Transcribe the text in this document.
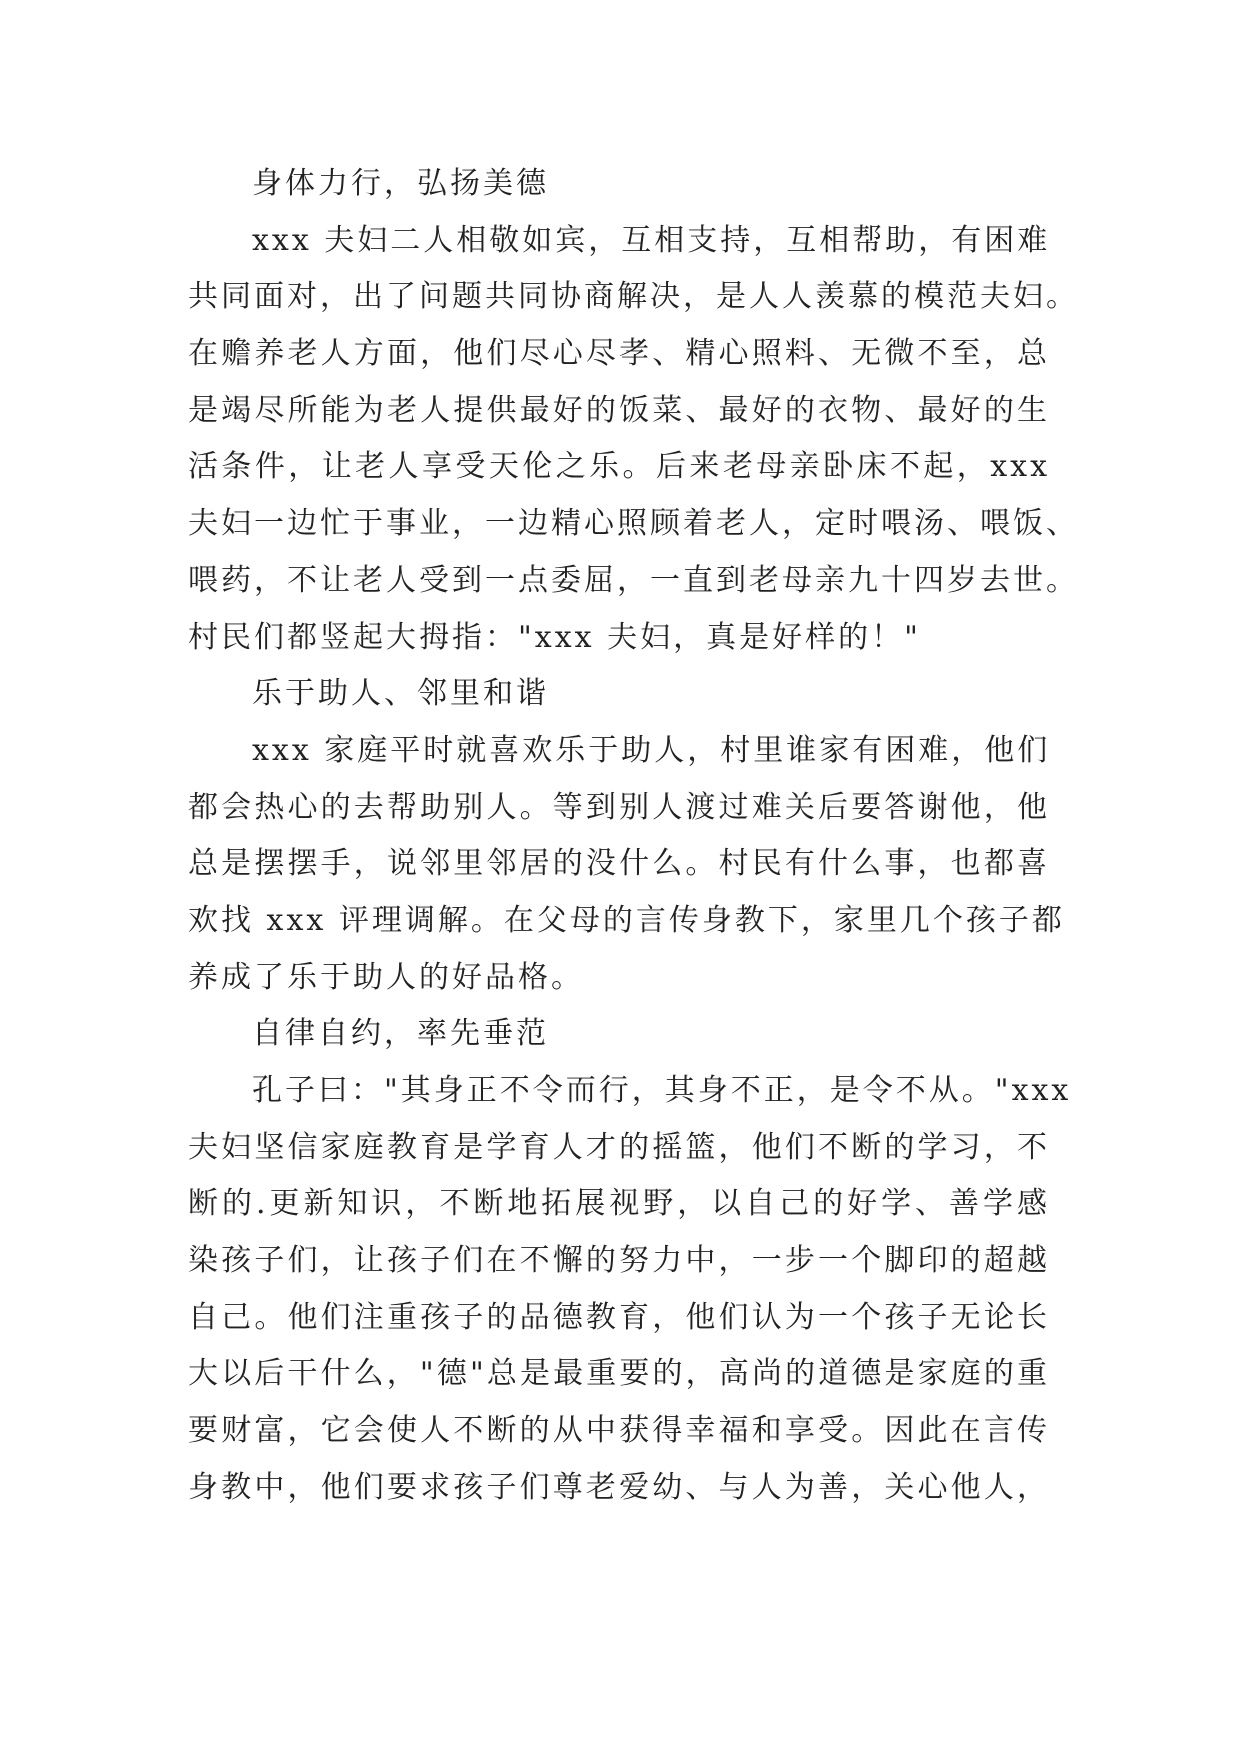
身体力行，弘扬美德
xxx 夫妇二人相敬如宾，互相支持，互相帮助，有困难
共同面对，出了问题共同协商解决，是人人羡慕的模范夫妇。
在赡养老人方面，他们尽心尽孝、精心照料、无微不至，总
是竭尽所能为老人提供最好的饭菜、最好的衣物、最好的生
活条件，让老人享受天伦之乐。后来老母亲卧床不起，xxx
夫妇一边忙于事业，一边精心照顾着老人，定时喂汤、喂饭、
喂药，不让老人受到一点委屈，一直到老母亲九十四岁去世。
村民们都竖起大拇指："xxx 夫妇，真是好样的！"
乐于助人、邻里和谐
xxx 家庭平时就喜欢乐于助人，村里谁家有困难，他们
都会热心的去帮助别人。等到别人渡过难关后要答谢他，他
总是摆摆手，说邻里邻居的没什么。村民有什么事，也都喜
欢找 xxx 评理调解。在父母的言传身教下，家里几个孩子都
养成了乐于助人的好品格。
自律自约，率先垂范
孔子曰："其身正不令而行，其身不正，是令不从。"xxx
夫妇坚信家庭教育是学育人才的摇篮，他们不断的学习，不
断的.更新知识，不断地拓展视野，以自己的好学、善学感
染孩子们，让孩子们在不懈的努力中，一步一个脚印的超越
自己。他们注重孩子的品德教育，他们认为一个孩子无论长
大以后干什么，"德"总是最重要的，高尚的道德是家庭的重
要财富，它会使人不断的从中获得幸福和享受。因此在言传
身教中，他们要求孩子们尊老爱幼、与人为善，关心他人，
